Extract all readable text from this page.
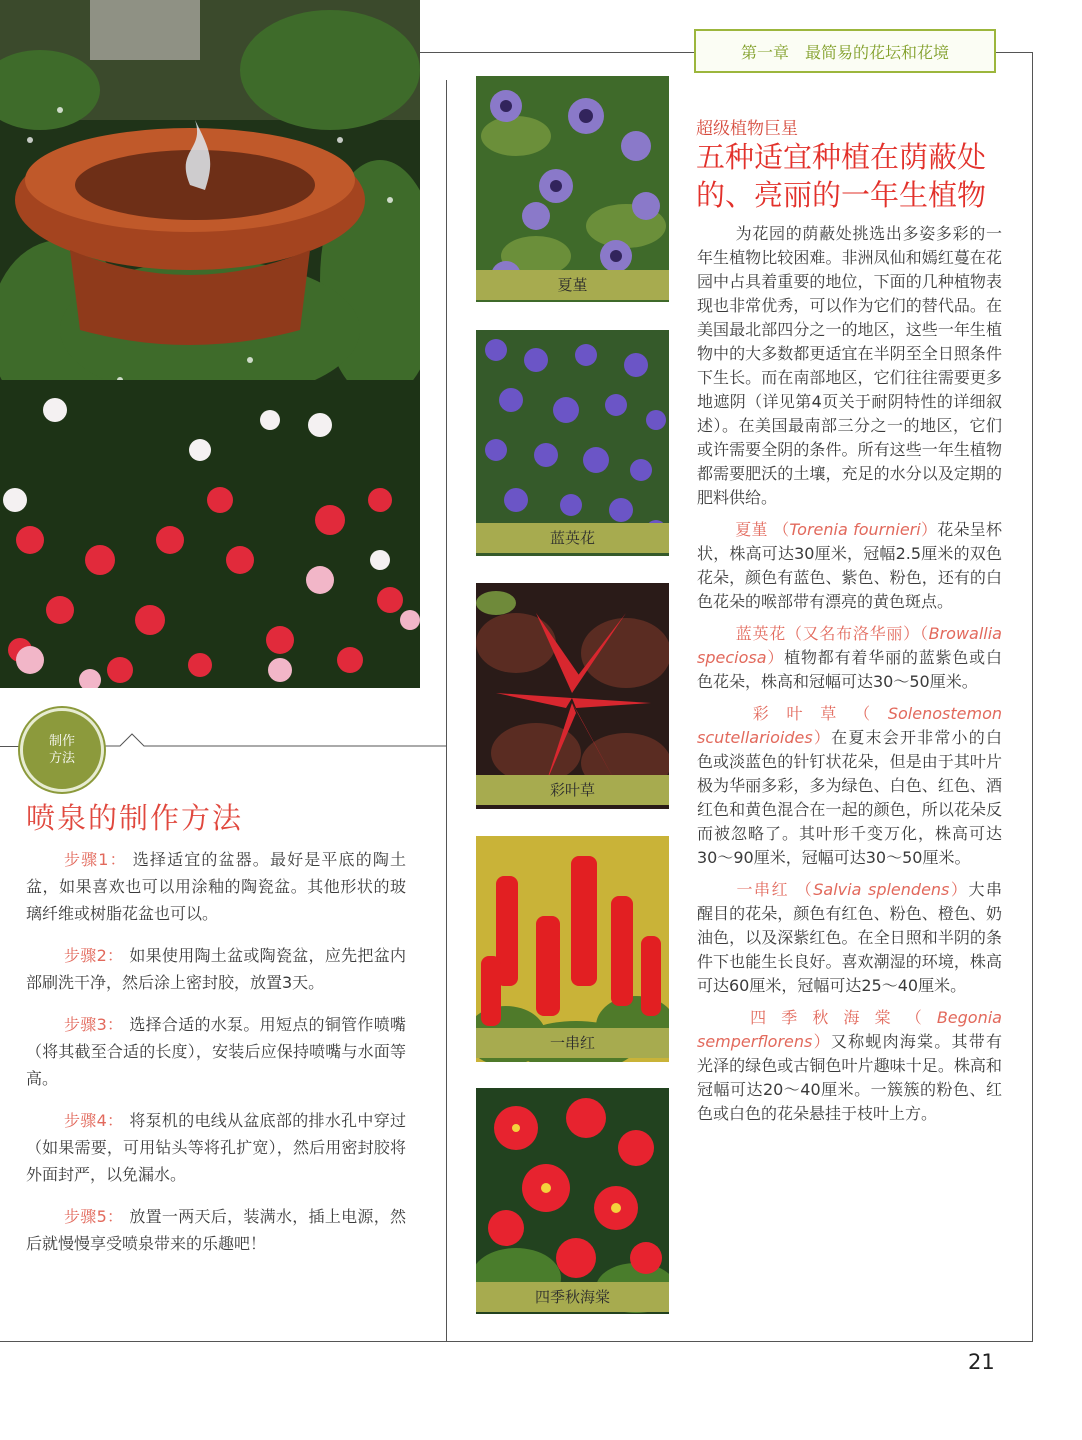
制作
方法
喷泉的制作方法
步骤1： 选择适宜的盆器。最好是平底的陶土盆，如果喜欢也可以用涂釉的陶瓷盆。其他形状的玻璃纤维或树脂花盆也可以。
步骤2： 如果使用陶土盆或陶瓷盆，应先把盆内部刷洗干净，然后涂上密封胶，放置3天。
步骤3： 选择合适的水泵。用短点的铜管作喷嘴（将其截至合适的长度），安装后应保持喷嘴与水面等高。
步骤4： 将泵机的电线从盆底部的排水孔中穿过（如果需要，可用钻头等将孔扩宽），然后用密封胶将外面封严，以免漏水。
步骤5： 放置一两天后，装满水，插上电源，然后就慢慢享受喷泉带来的乐趣吧！
第一章　最简易的花坛和花境
夏堇
蓝英花
彩叶草
一串红
四季秋海棠
超级植物巨星
五种适宜种植在荫蔽处的、亮丽的一年生植物

为花园的荫蔽处挑选出多姿多彩的一年生植物比较困难。非洲凤仙和嫣红蔓在花园中占具着重要的地位，下面的几种植物表现也非常优秀，可以作为它们的替代品。在美国最北部四分之一的地区，这些一年生植物中的大多数都更适宜在半阴至全日照条件下生长。而在南部地区，它们往往需要更多地遮阴（详见第4页关于耐阴特性的详细叙述）。在美国最南部三分之一的地区，它们或许需要全阴的条件。所有这些一年生植物都需要肥沃的土壤，充足的水分以及定期的肥料供给。

夏堇 （Torenia fournieri）花朵呈杯状，株高可达30厘米，冠幅2.5厘米的双色花朵，颜色有蓝色、紫色、粉色，还有的白色花朵的喉部带有漂亮的黄色斑点。

蓝英花（又名布洛华丽）（Browallia speciosa）植物都有着华丽的蓝紫色或白色花朵，株高和冠幅可达30～50厘米。

彩叶草（Solenostemon scutellarioides）在夏末会开非常小的白色或淡蓝色的针钉状花朵，但是由于其叶片极为华丽多彩，多为绿色、白色、红色、酒红色和黄色混合在一起的颜色，所以花朵反而被忽略了。其叶形千变万化，株高可达30～90厘米，冠幅可达30～50厘米。

一串红 （Salvia splendens）大串醒目的花朵，颜色有红色、粉色、橙色、奶油色，以及深紫红色。在全日照和半阴的条件下也能生长良好。喜欢潮湿的环境，株高可达60厘米，冠幅可达25～40厘米。

四季秋海棠（Begonia semperflorens）又称蚬肉海棠。其带有光泽的绿色或古铜色叶片趣味十足。株高和冠幅可达20～40厘米。一簇簇的粉色、红色或白色的花朵悬挂于枝叶上方。

21
